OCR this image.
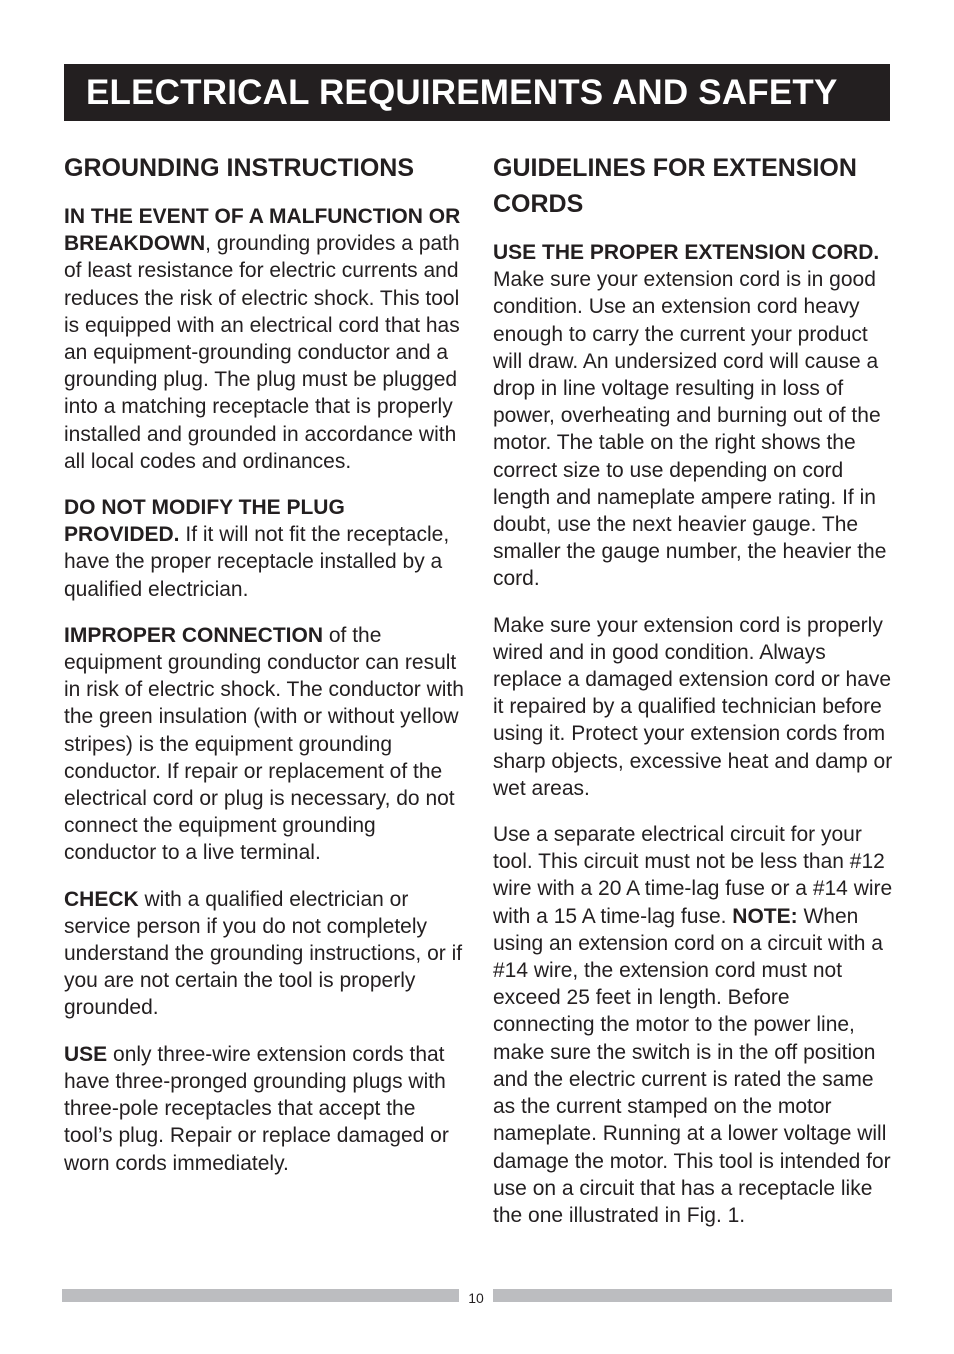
ELECTRICAL REQUIREMENTS AND SAFETY
GROUNDING INSTRUCTIONS

IN THE EVENT OF A MALFUNCTION OR BREAKDOWN, grounding provides a path of least resistance for electric currents and reduces the risk of electric shock. This tool is equipped with an electrical cord that has an equipment-grounding conductor and a grounding plug. The plug must be plugged into a matching receptacle that is properly installed and grounded in accordance with all local codes and ordinances.

DO NOT MODIFY THE PLUG PROVIDED. If it will not fit the receptacle, have the proper receptacle installed by a qualified electrician.

IMPROPER CONNECTION of the equipment grounding conductor can result in risk of electric shock. The conductor with the green insulation (with or without yellow stripes) is the equipment grounding conductor. If repair or replacement of the electrical cord or plug is necessary, do not connect the equipment grounding conductor to a live terminal.

CHECK with a qualified electrician or service person if you do not completely understand the grounding instructions, or if you are not certain the tool is properly grounded.

USE only three-wire extension cords that have three-pronged grounding plugs with three-pole receptacles that accept the tool’s plug. Repair or replace damaged or worn cords immediately.

GUIDELINES FOR EXTENSION CORDS

USE THE PROPER EXTENSION CORD. Make sure your extension cord is in good condition. Use an extension cord heavy enough to carry the current your product will draw. An undersized cord will cause a drop in line voltage resulting in loss of power, overheating and burning out of the motor. The table on the right shows the correct size to use depending on cord length and nameplate ampere rating. If in doubt, use the next heavier gauge. The smaller the gauge number, the heavier the cord.

Make sure your extension cord is properly wired and in good condition. Always replace a damaged extension cord or have it repaired by a qualified technician before using it. Protect your extension cords from sharp objects, excessive heat and damp or wet areas.

Use a separate electrical circuit for your tool. This circuit must not be less than #12 wire with a 20 A time-lag fuse or a #14 wire with a 15 A time-lag fuse. NOTE: When using an extension cord on a circuit with a #14 wire, the extension cord must not exceed 25 feet in length. Before connecting the motor to the power line, make sure the switch is in the off position and the electric current is rated the same as the current stamped on the motor nameplate. Running at a lower voltage will damage the motor. This tool is intended for use on a circuit that has a receptacle like the one illustrated in Fig. 1.

10
